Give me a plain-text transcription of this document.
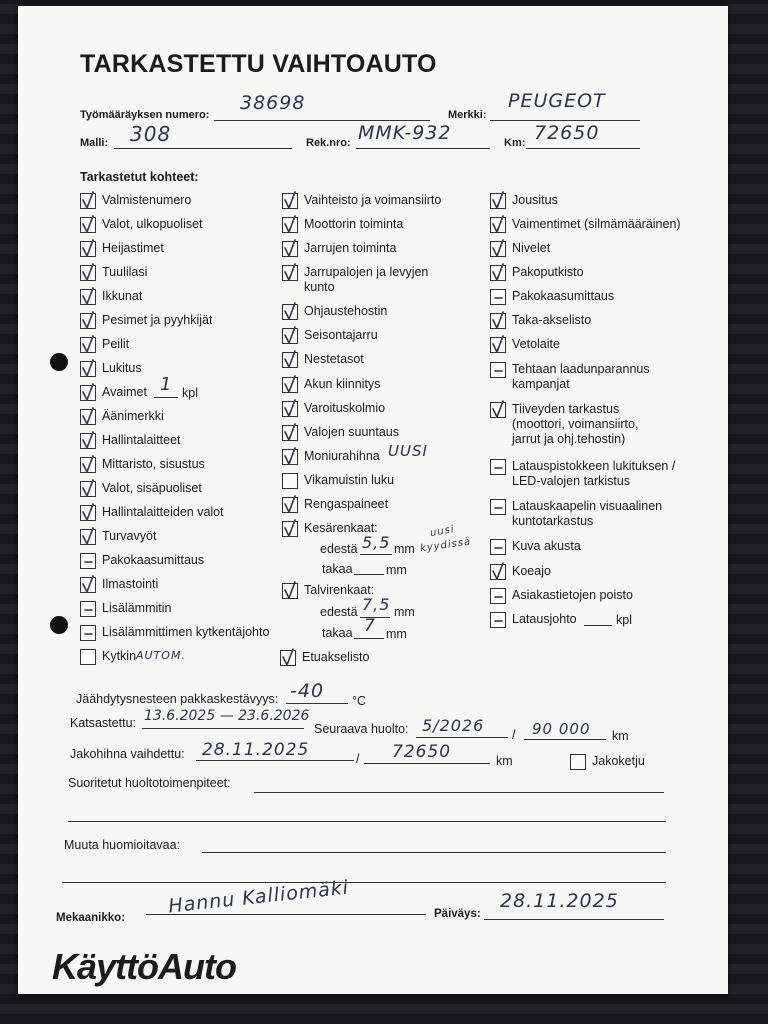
TARKASTETTU VAIHTOAUTO
Työmääräyksen numero:
38698
Merkki:
PEUGEOT
Malli: 308	Rek.nro: MMK-932	Km: 72650
Tarkastetut kohteet:
Valmistenumero
Valot, ulkopuoliset
Heijastimet
Tuulilasi
Ikkunat
Pesimet ja pyyhkijät
Peilit
Lukitus
Avaimet 1 kpl
Äänimerkki
Hallintalaitteet
Mittaristo, sisustus
Valot, sisäpuoliset
Hallintalaitteiden valot
Turvavyöt
Pakokaasumittaus
Ilmastointi
Lisälämmitin
Lisälämmittimen kytkentäjohto
Kytkin AUTOM.
Vaihteisto ja voimansiirto
Moottorin toiminta
Jarrujen toiminta
Jarrupalojen ja levyjen
kunto
Ohjaustehostin
Seisontajarru
Nestetasot
Akun kiinnitys
Varoituskolmio
Valojen suuntaus
Moniurahihna UUSI
Vikamuistin luku
Rengaspaineet
Kesärenkaat:
edestä 5,5 mm
uusi
kyydissä
takaa	mm
Talvirenkaat:
edestä 7,5 mm
takaa 7 mm
Etuakselisto
Jousitus
Vaimentimet (silmämääräinen)
Nivelet
Pakoputkisto
Pakokaasumittaus
Taka-akselisto
Vetolaite
Tehtaan laadunparannus
kampanjat
Tiiveyden tarkastus
(moottori, voimansiirto,
jarrut ja ohj.tehostin)
Latauspistokkeen lukituksen /
LED-valojen tarkistus
Latauskaapelin visuaalinen
kuntotarkastus
Kuva akusta
Koeajo
Asiakastietojen poisto
Latausjohto	kpl
Jäähdytysnesteen pakkaskestävyys: -40 °C
Katsastettu: 13.6.2025 — 23.6.2026
Seuraava huolto: 5/2026 / 90 000 km
Jakohihna vaihdettu: 28.11.2025	/ 72650	km	Jakoketju
Suoritetut huoltotoimenpiteet:
Muuta huomioitavaa:
Mekaanikko:
Hannu Kalliomäki	Päiväys:
28.11.2025
KäyttöAuto
